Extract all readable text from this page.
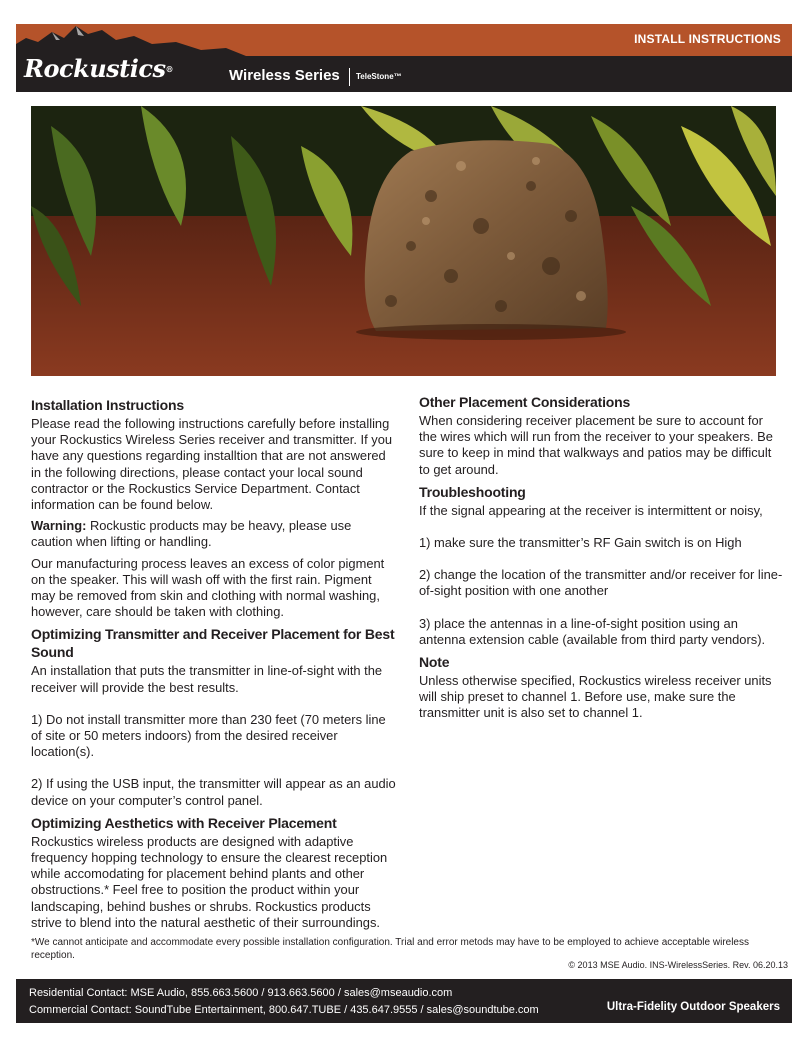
INSTALL INSTRUCTIONS
Rockustics®	Wireless Series TeleStone™
Installation Instructions
Please read the following instructions carefully before installing your Rockustics Wireless Series receiver and transmitter. If you have any questions regarding installtion that are not answered in the following directions, please contact your local sound contractor or the Rockustics Service Department. Contact information can be found below.
Warning: Rockustic products may be heavy, please use caution when lifting or handling.
Our manufacturing process leaves an excess of color pigment on the speaker. This will wash off with the first rain. Pigment may be removed from skin and clothing with normal washing, however, care should be taken with clothing.
Optimizing Transmitter and Receiver Placement for Best Sound
An installation that puts the transmitter in line-of-sight with the receiver will provide the best results.
1) Do not install transmitter more than 230 feet (70 meters line of site or 50 meters indoors) from the desired receiver location(s).
2) If using the USB input, the transmitter will appear as an audio device on your computer’s control panel.
Optimizing Aesthetics with Receiver Placement
Rockustics wireless products are designed with adaptive frequency hopping technology to ensure the clearest reception while accomodating for placement behind plants and other obstructions.* Feel free to position the product within your landscaping, behind bushes or shrubs. Rockustics products strive to blend into the natural aesthetic of their surroundings.
Other Placement Considerations
When considering receiver placement be sure to account for the wires which will run from the receiver to your speakers. Be sure to keep in mind that walkways and patios may be difficult to get around.
Troubleshooting
If the signal appearing at the receiver is intermittent or noisy,
1) make sure the transmitter’s RF Gain switch is on High
2) change the location of the transmitter and/or receiver for line-of-sight position with one another
3) place the antennas in a line-of-sight position using an antenna extension cable (available from third party vendors).
Note
Unless otherwise specified, Rockustics wireless receiver units will ship preset to channel 1. Before use, make sure the transmitter unit is also set to channel 1.
*We cannot anticipate and accommodate every possible installation configuration. Trial and error metods may have to be employed to achieve acceptable wireless reception.
© 2013 MSE Audio. INS-WirelessSeries. Rev. 06.20.13
Residential Contact: MSE Audio, 855.663.5600 / 913.663.5600 / sales@mseaudio.com
Commercial Contact: SoundTube Entertainment, 800.647.TUBE / 435.647.9555 / sales@soundtube.com	Ultra-Fidelity Outdoor Speakers
